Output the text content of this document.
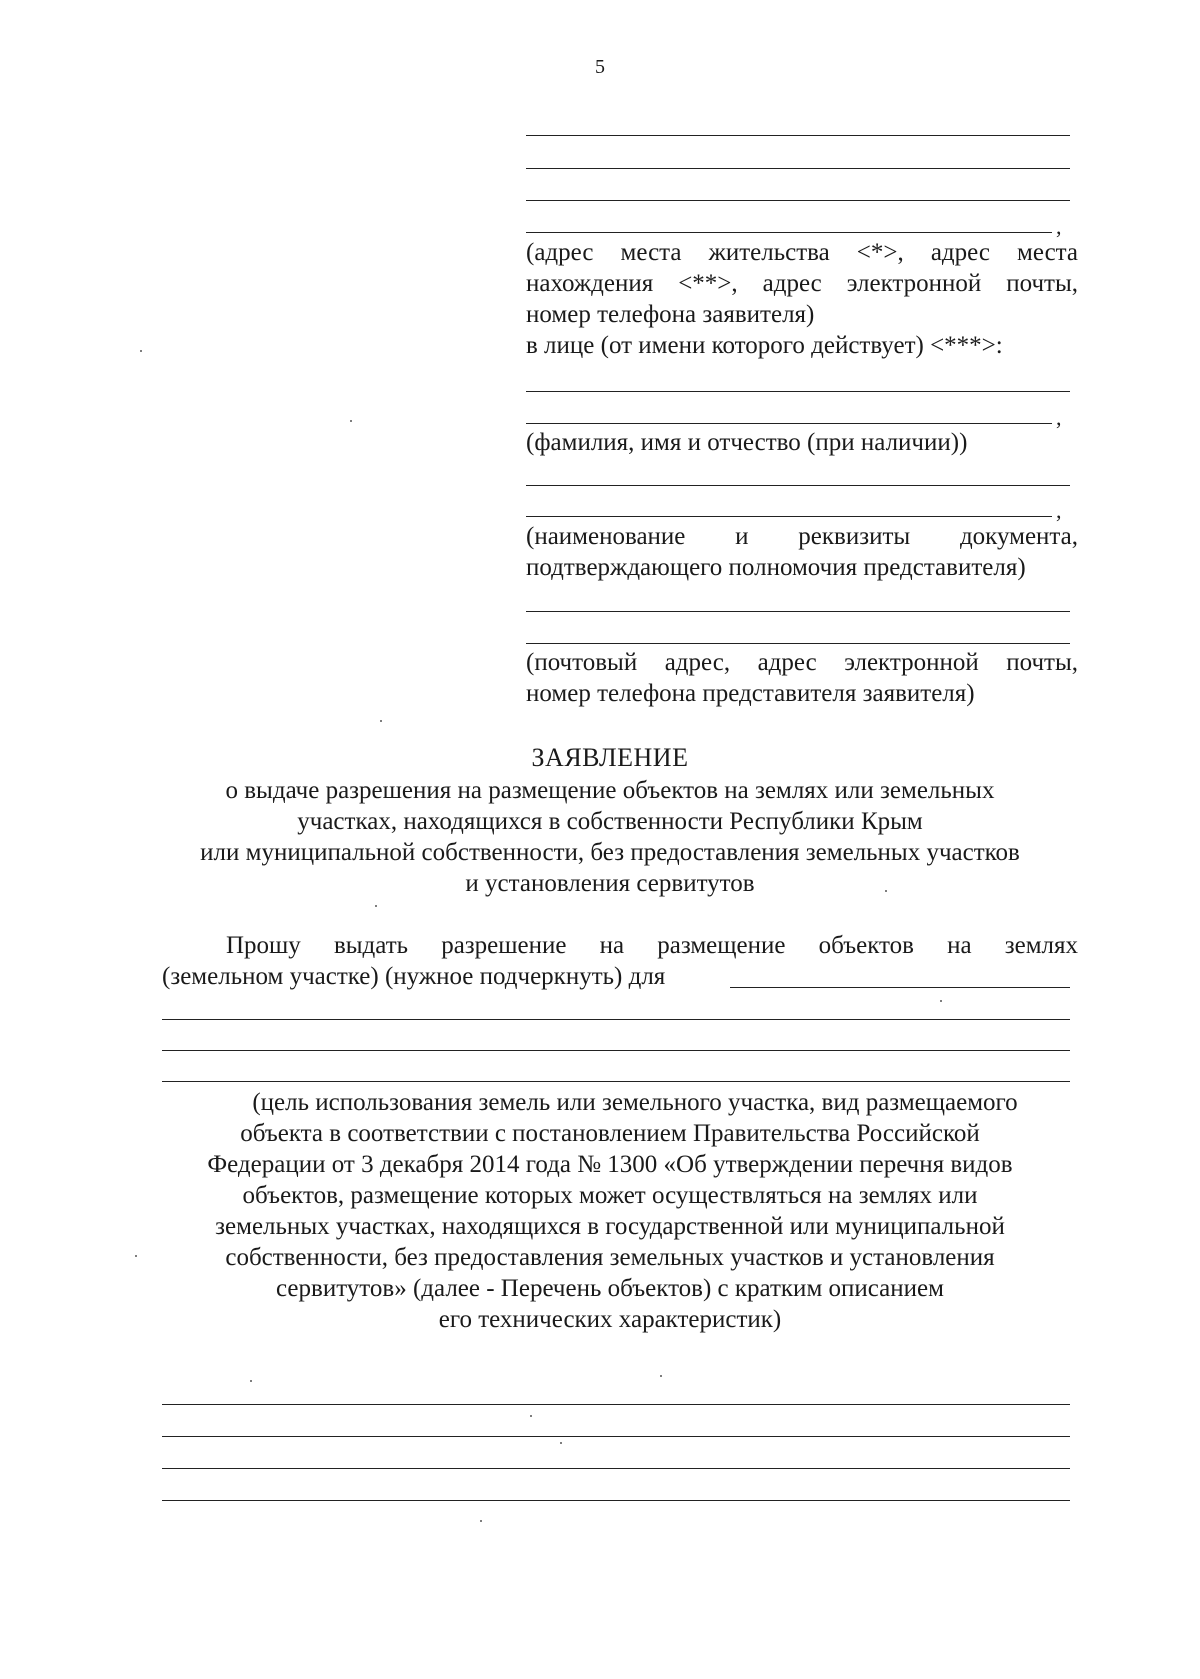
5
,
(адрес места жительства <*>, адрес места
нахождения <**>, адрес электронной почты,
номер телефона заявителя)
в лице (от имени которого действует) <***>:
,
(фамилия, имя и отчество (при наличии))
,
(наименование и реквизиты документа,
подтверждающего полномочия представителя)
(почтовый адрес, адрес электронной почты,
номер телефона представителя заявителя)
ЗАЯВЛЕНИЕ
о выдаче разрешения на размещение объектов на землях или земельных
участках, находящихся в собственности Республики Крым
или муниципальной собственности, без предоставления земельных участков
и установления сервитутов
Прошу выдать разрешение на размещение объектов на землях
(земельном участке) (нужное подчеркнуть) для
(цель использования земель или земельного участка, вид размещаемого
объекта в соответствии с постановлением Правительства Российской
Федерации от 3 декабря 2014 года № 1300 «Об утверждении перечня видов
объектов, размещение которых может осуществляться на землях или
земельных участках, находящихся в государственной или муниципальной
собственности, без предоставления земельных участков и установления
сервитутов» (далее - Перечень объектов) с кратким описанием
его технических характеристик)
